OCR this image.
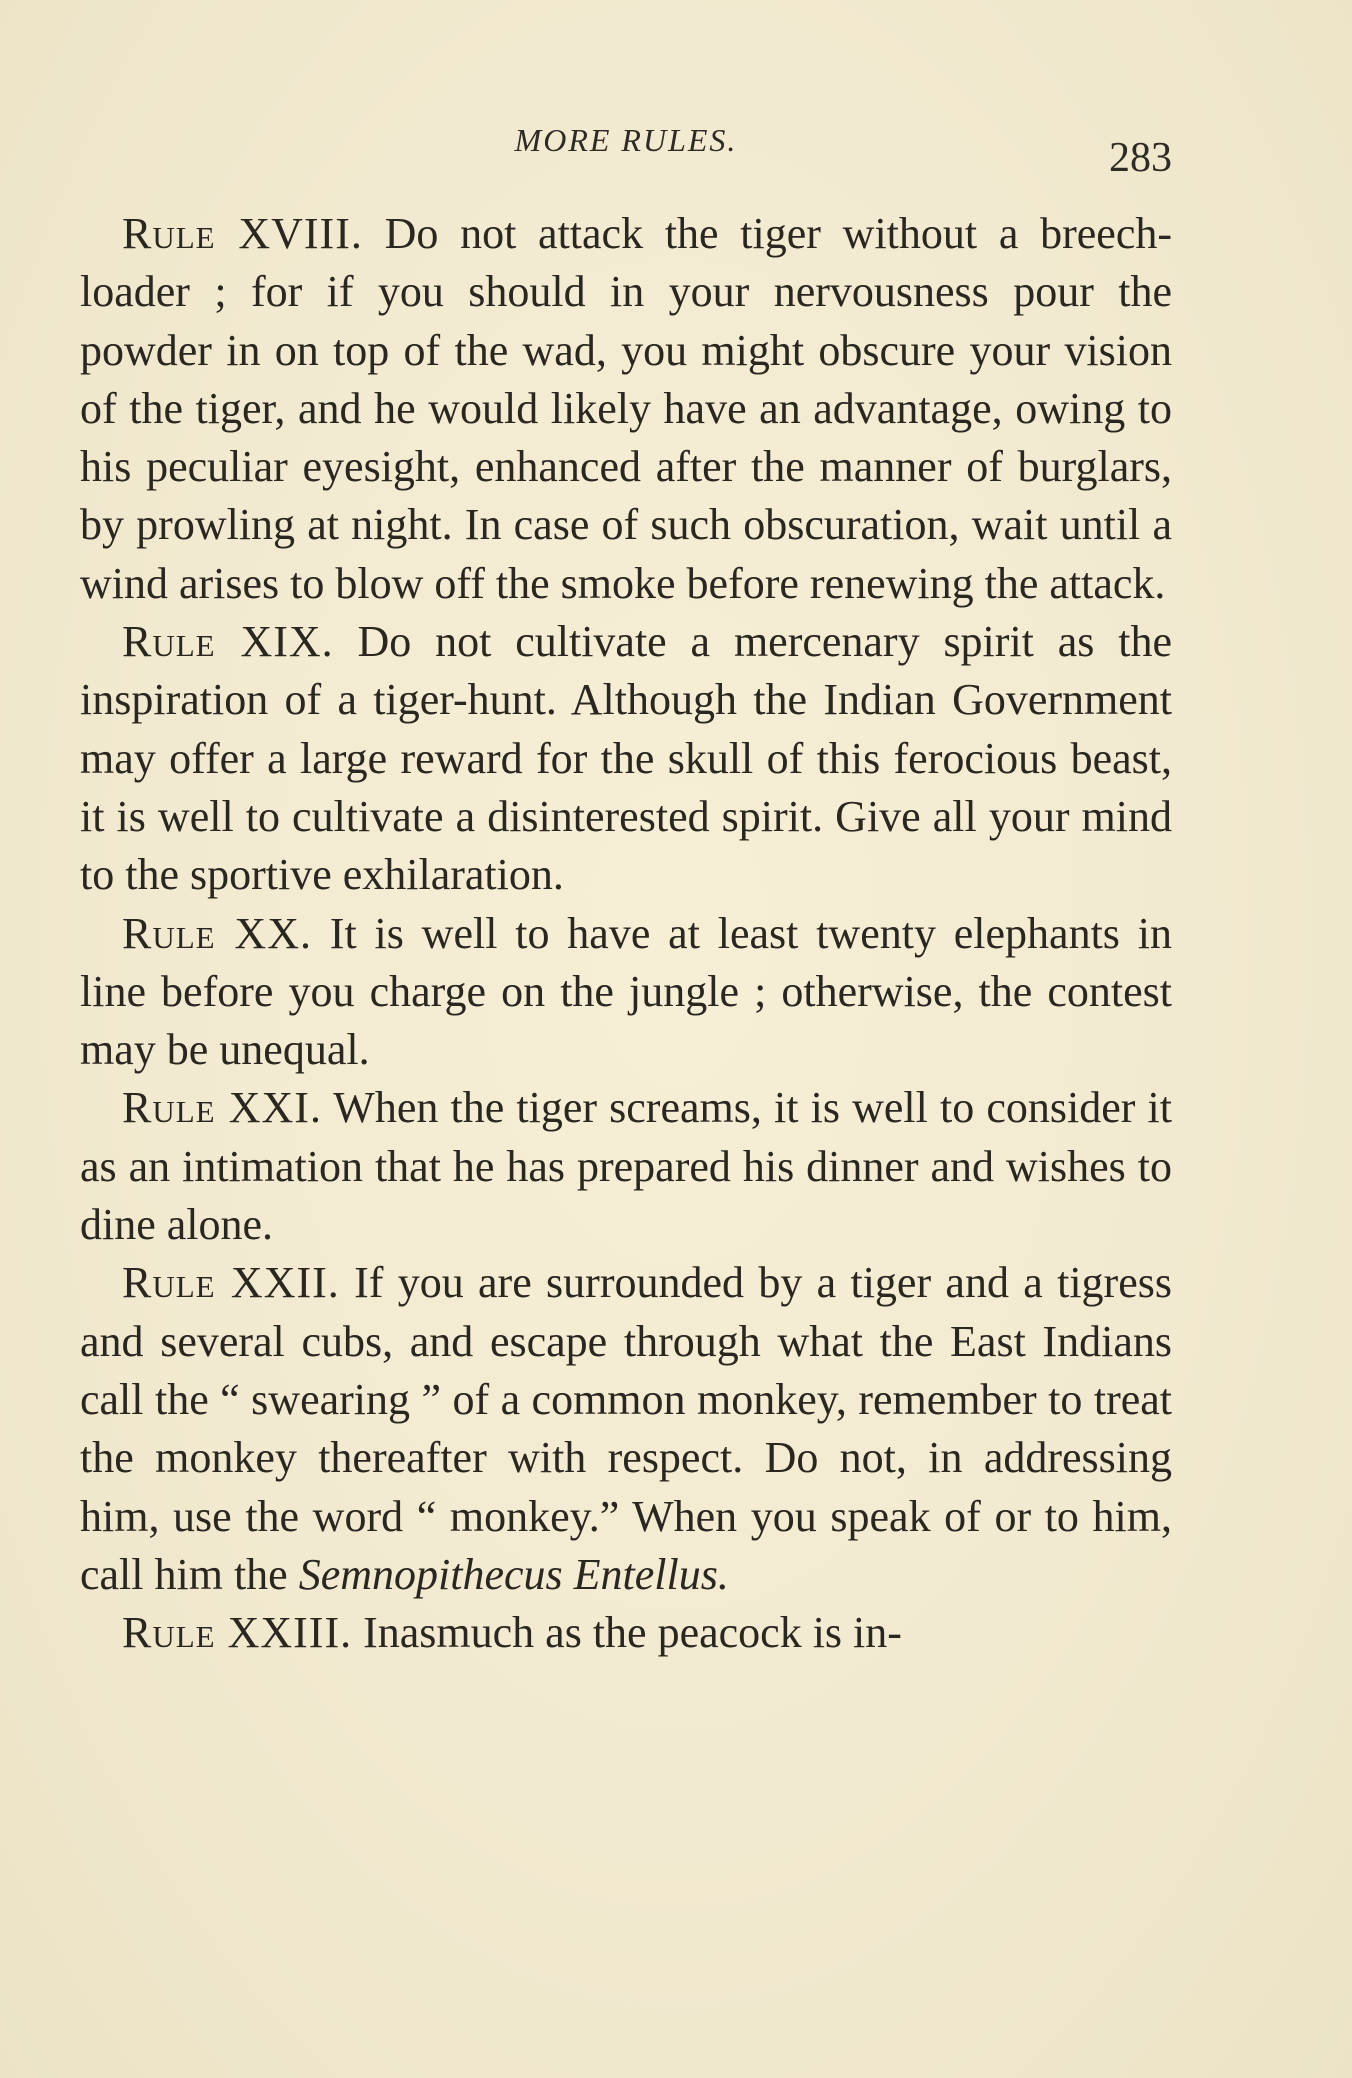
MORE RULES.	283

Rule XVIII. Do not attack the tiger without a breech-loader ; for if you should in your nervousness pour the powder in on top of the wad, you might obscure your vision of the tiger, and he would likely have an advantage, owing to his peculiar eyesight, enhanced after the manner of burglars, by prowling at night. In case of such obscuration, wait until a wind arises to blow off the smoke before renewing the attack.

Rule XIX. Do not cultivate a mercenary spirit as the inspiration of a tiger-hunt. Although the Indian Government may offer a large reward for the skull of this ferocious beast, it is well to cultivate a disinterested spirit. Give all your mind to the sportive exhilaration.

Rule XX. It is well to have at least twenty elephants in line before you charge on the jungle ; otherwise, the contest may be unequal.

Rule XXI. When the tiger screams, it is well to consider it as an intimation that he has prepared his dinner and wishes to dine alone.

Rule XXII. If you are surrounded by a tiger and a tigress and several cubs, and escape through what the East Indians call the “ swearing ” of a common monkey, remember to treat the monkey thereafter with respect. Do not, in addressing him, use the word “ monkey.” When you speak of or to him, call him the Semnopithecus Entellus.

Rule XXIII. Inasmuch as the peacock is in-
